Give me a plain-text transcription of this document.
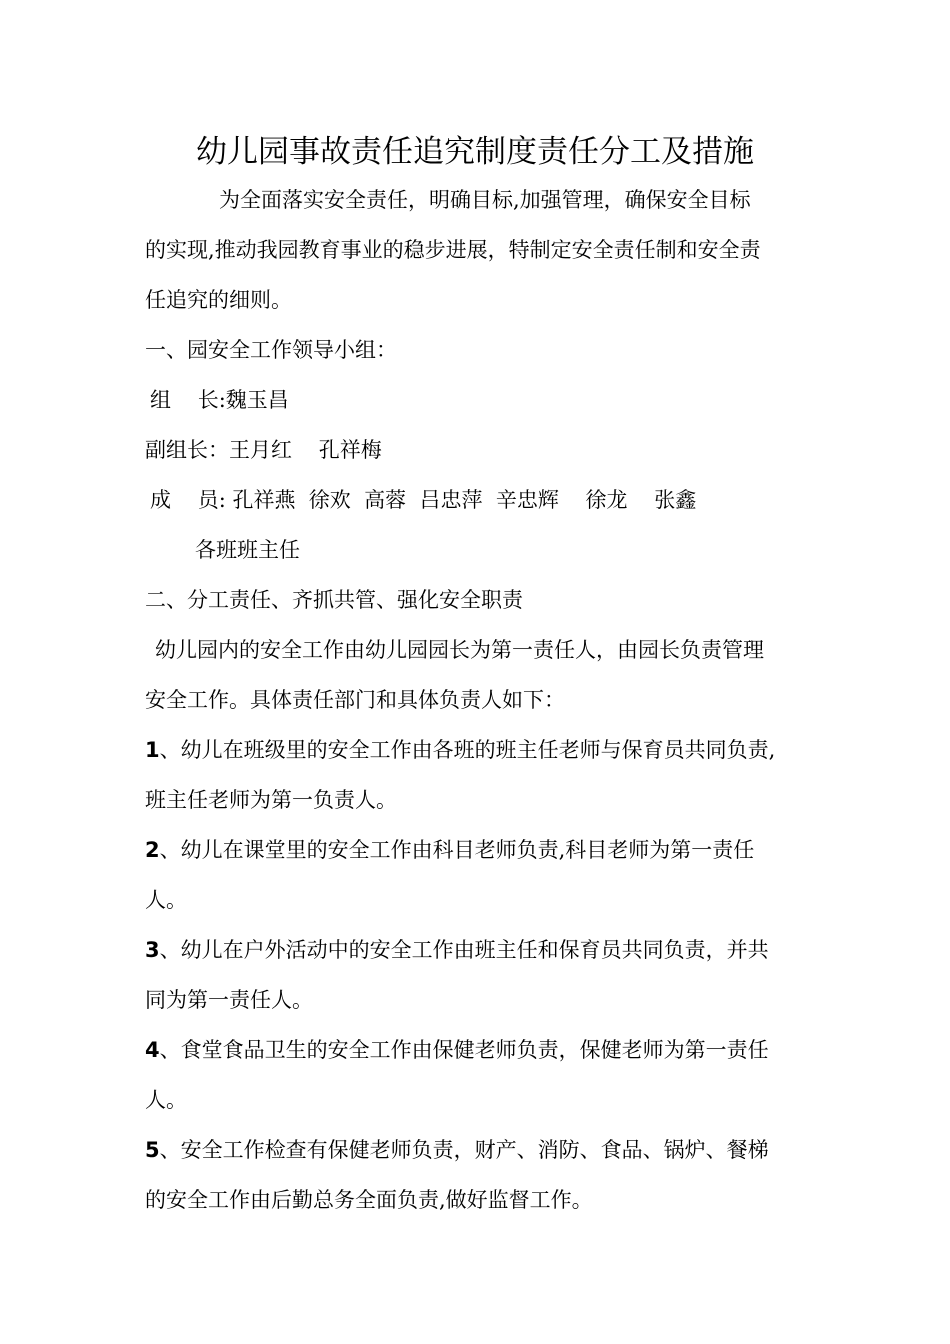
幼儿园事故责任追究制度责任分工及措施
为全面落实安全责任，明确目标,加强管理，确保安全目标
的实现,推动我园教育事业的稳步进展，特制定安全责任制和安全责
任追究的细则。
一、园安全工作领导小组：
组    长:魏玉昌
副组长：王月红    孔祥梅
成    员: 孔祥燕  徐欢  高蓉  吕忠萍  辛忠辉    徐龙    张鑫
各班班主任
二、分工责任、齐抓共管、强化安全职责
幼儿园内的安全工作由幼儿园园长为第一责任人，由园长负责管理
安全工作。具体责任部门和具体负责人如下：
1、幼儿在班级里的安全工作由各班的班主任老师与保育员共同负责,
班主任老师为第一负责人。
2、幼儿在课堂里的安全工作由科目老师负责,科目老师为第一责任
人。
3、幼儿在户外活动中的安全工作由班主任和保育员共同负责，并共
同为第一责任人。
4、食堂食品卫生的安全工作由保健老师负责，保健老师为第一责任
人。
5、安全工作检查有保健老师负责，财产、消防、食品、锅炉、餐梯
的安全工作由后勤总务全面负责,做好监督工作。
